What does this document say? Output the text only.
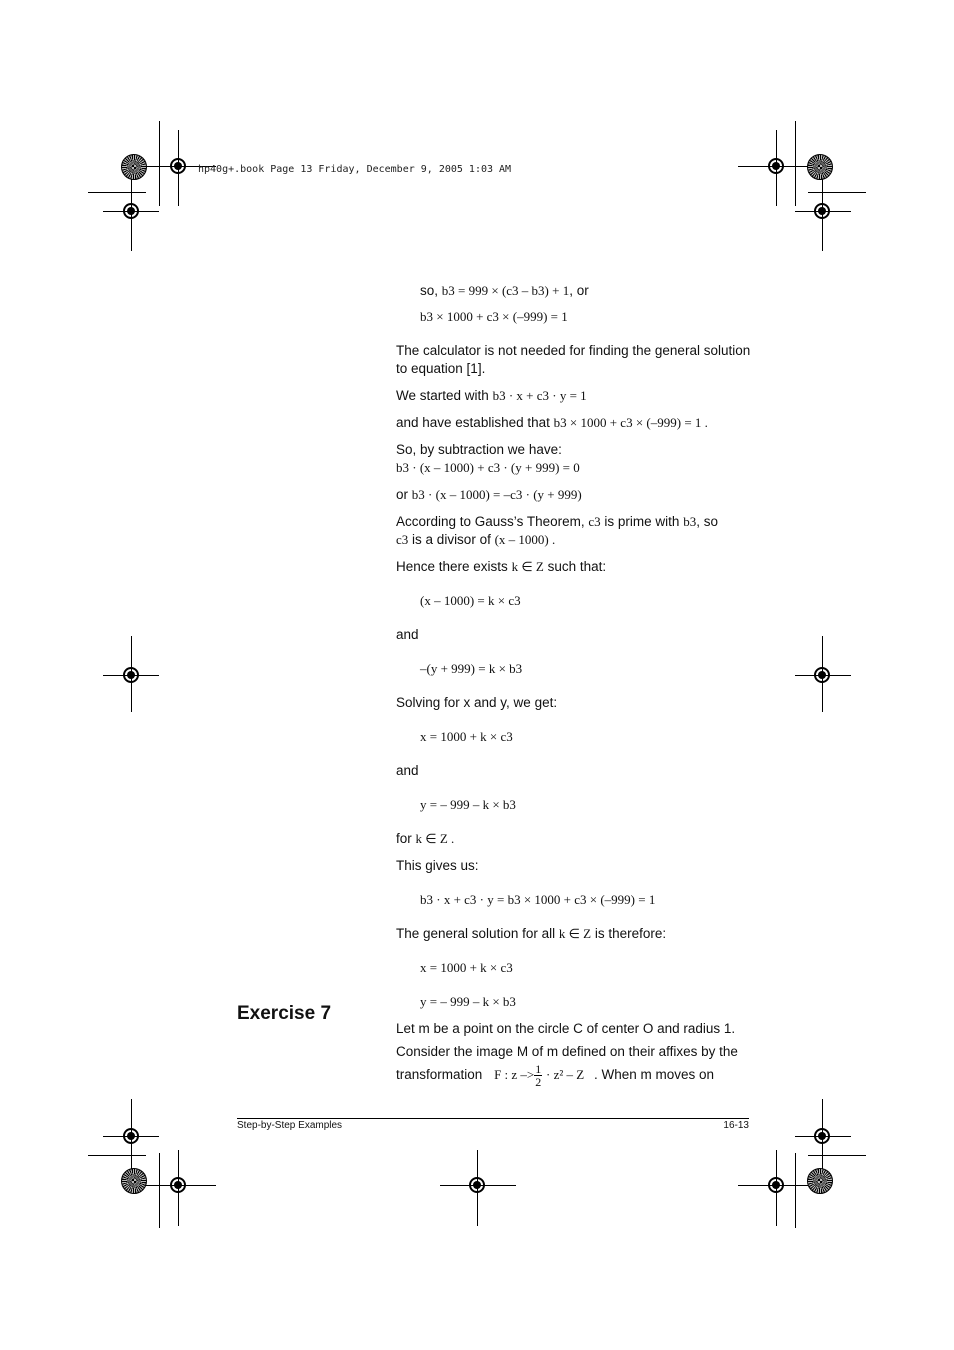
hp40g+.book Page 13 Friday, December 9, 2005 1:03 AM
so, b3 = 999 × (c3 – b3) + 1, or
b3 × 1000 + c3 × (–999) = 1
The calculator is not needed for finding the general solution to equation [1].
We started with b3 · x + c3 · y = 1
and have established that b3 × 1000 + c3 × (–999) = 1 .
So, by subtraction we have:
b3 · (x – 1000) + c3 · (y + 999) = 0
or b3 · (x – 1000) = –c3 · (y + 999)
According to Gauss’s Theorem, c3 is prime with b3, so
c3 is a divisor of (x – 1000) .
Hence there exists k ∈ Z such that:
(x – 1000) = k × c3
and
–(y + 999) = k × b3
Solving for x and y, we get:
x = 1000 + k × c3
and
y = – 999 – k × b3
for k ∈ Z .
This gives us:
b3 · x + c3 · y = b3 × 1000 + c3 × (–999) = 1
The general solution for all k ∈ Z is therefore:
x = 1000 + k × c3
y = – 999 – k × b3
Exercise 7
Let m be a point on the circle C of center O and radius 1.
Consider the image M of m defined on their affixes by the
transformation F : $z -> \frac{1}{2} \cdot z^2 - Z$ . When m moves on
Step-by-Step Examples	16-13
